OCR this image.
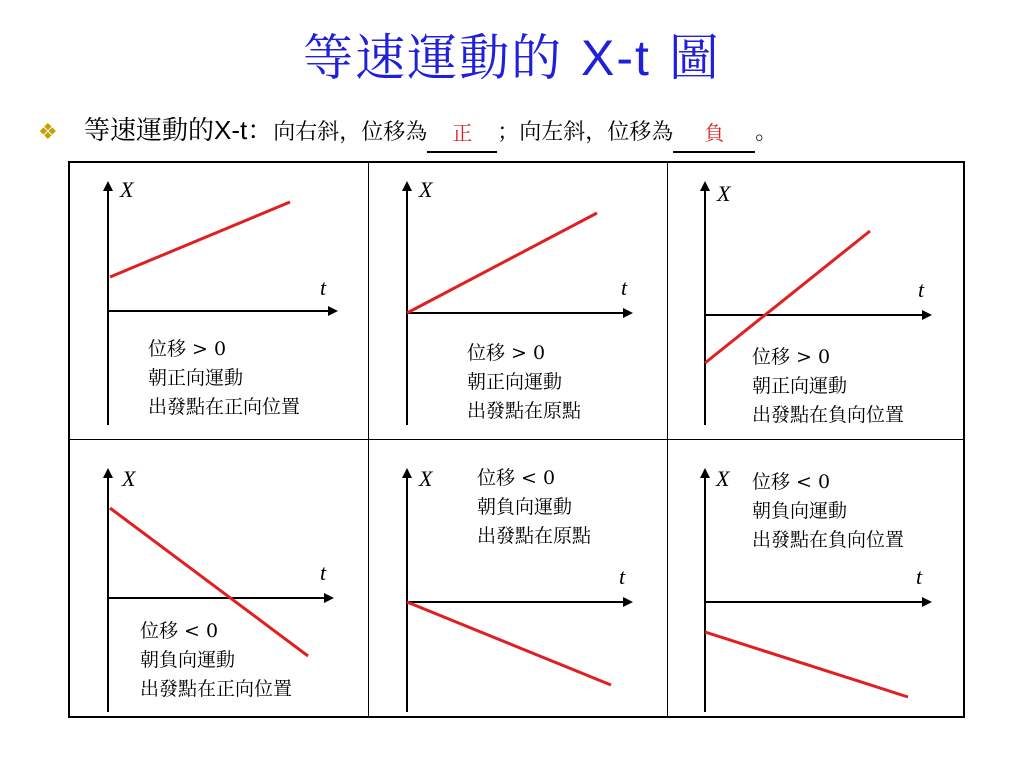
等速運動的 X-t 圖
❖ 等速運動的X-t：向右斜，位移為	正	；向左斜，位移為	負	。
X
t
位移 > 0
朝正向運動
出發點在正向位置
X
t
位移 > 0
朝正向運動
出發點在原點
X
t
位移 > 0
朝正向運動
出發點在負向位置
X
t
位移 < 0
朝負向運動
出發點在正向位置
X
t
位移 < 0
朝負向運動
出發點在原點
X
t
位移 < 0
朝負向運動
出發點在負向位置
